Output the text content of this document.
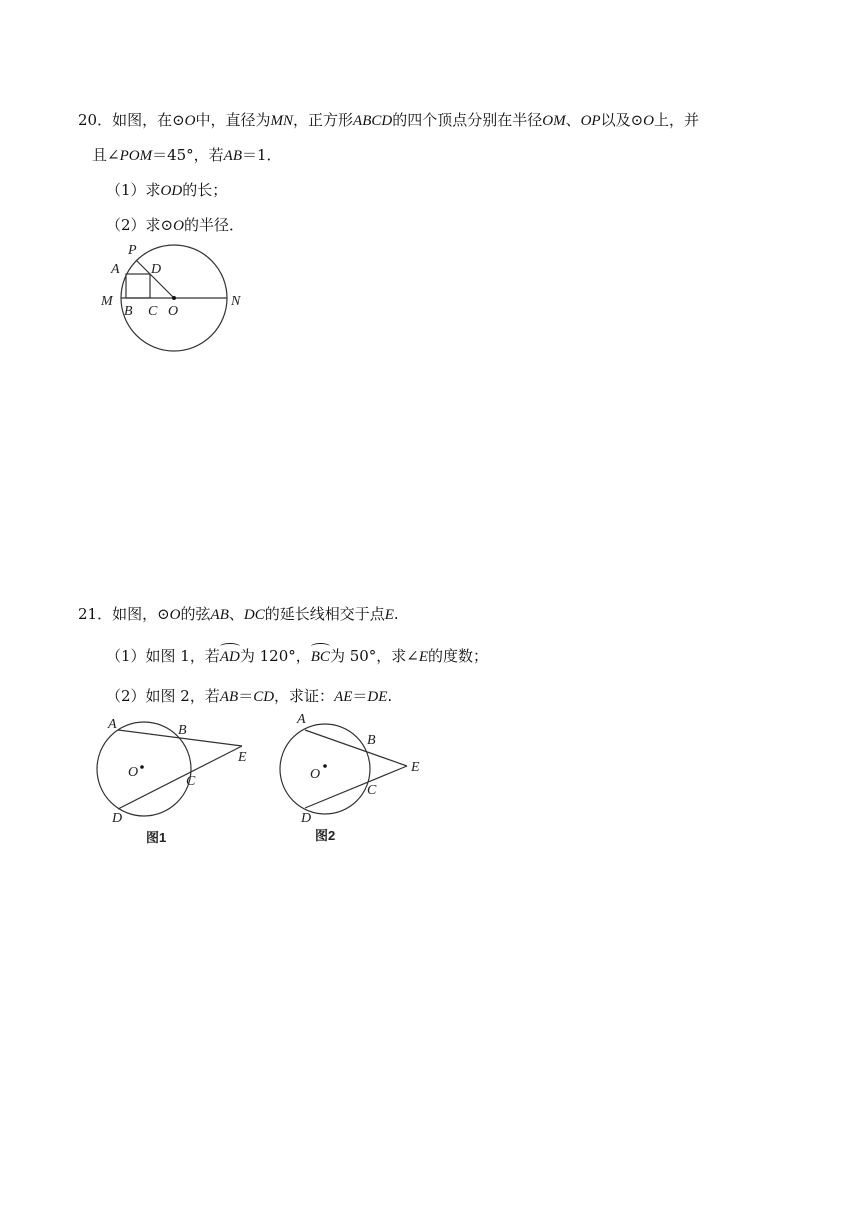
20．如图，在⊙O中，直径为MN，正方形ABCD的四个顶点分别在半径OM、OP以及⊙O上，并
且∠POM＝45°，若AB＝1．
（1）求OD的长；
（2）求⊙O的半径．
P
A D
M
B C O
N
21．如图，⊙O的弦AB、DC的延长线相交于点E.
（1）如图 1，若AD为 120°，BC为 50°，求∠E的度数；
（2）如图 2，若AB＝CD，求证：AE＝DE.
A	B
E
O
C
D
图1
A
B
E
O
C
D
图2
